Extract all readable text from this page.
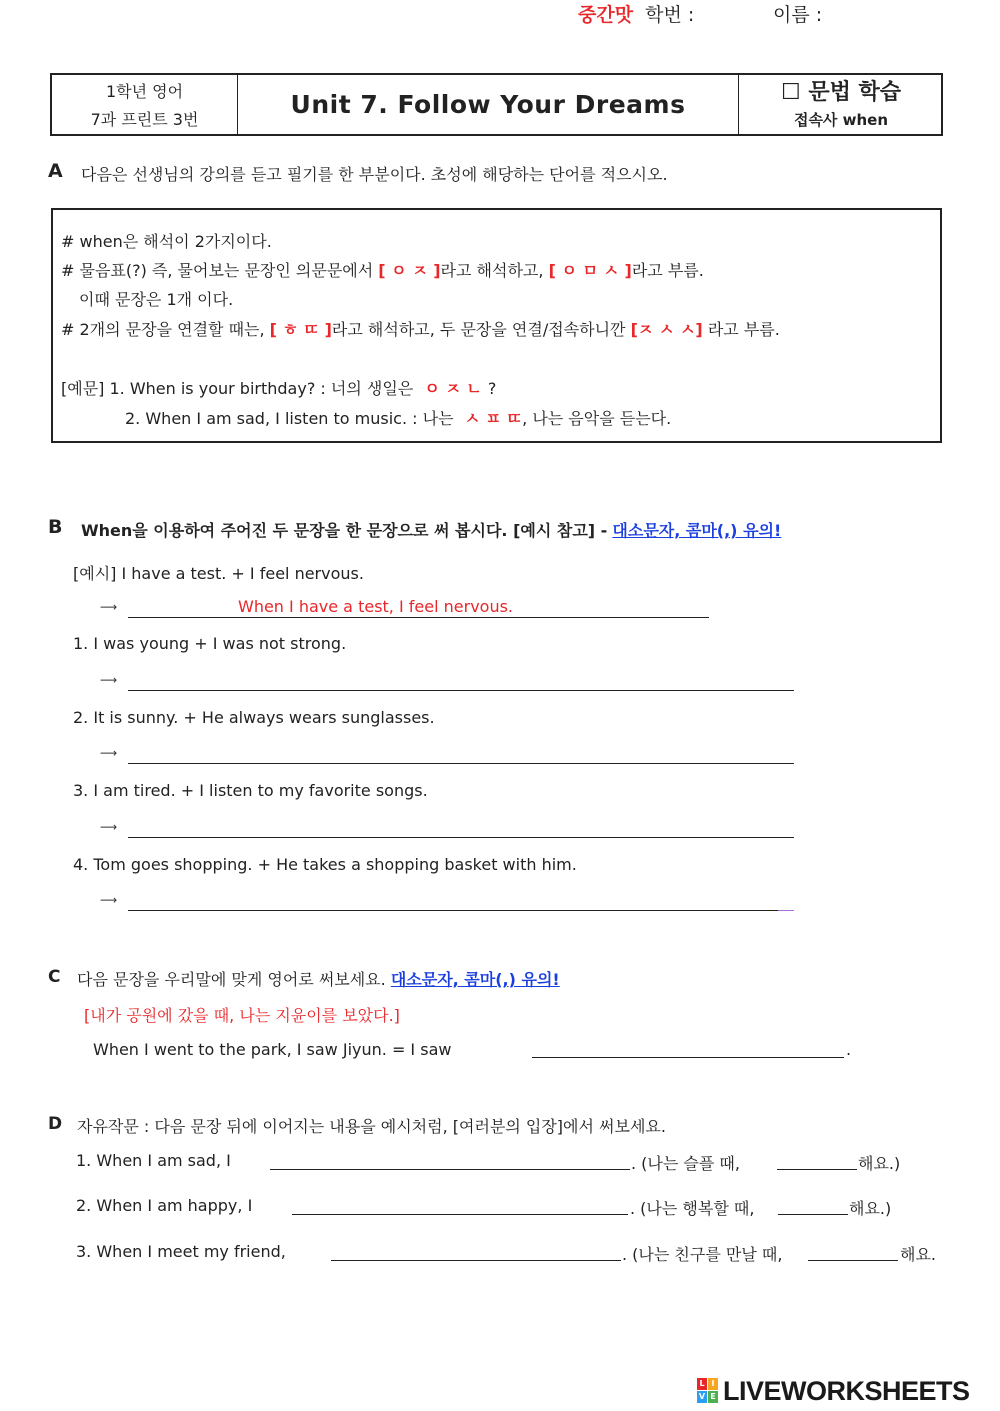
중간맛 학번 :	이름 :
1학년 영어
7과 프린트 3번
Unit 7. Follow Your Dreams	☐ 문법 학습
접속사 when
A 다음은 선생님의 강의를 듣고 필기를 한 부분이다. 초성에 해당하는 단어를 적으시오.
# when은 해석이 2가지이다.
# 물음표(?) 즉, 물어보는 문장인 의문문에서 [ ㅇ ㅈ ]라고 해석하고, [ ㅇ ㅁ ㅅ ]라고 부름.
이때 문장은 1개 이다.
# 2개의 문장을 연결할 때는, [ ㅎ ㄸ ]라고 해석하고, 두 문장을 연결/접속하니깐 [ㅈ ㅅ ㅅ] 라고 부름.
[예문] 1. When is your birthday? : 너의 생일은 ㅇ ㅈ ㄴ ?
2. When I am sad, I listen to music. : 나는 ㅅ ㅍ ㄸ, 나는 음악을 듣는다.
B When을 이용하여 주어진 두 문장을 한 문장으로 써 봅시다. [예시 참고] - 대소문자, 콤마(,) 유의!
[예시] I have a test. + I feel nervous.
⟶	When I have a test, I feel nervous.
1. I was young + I was not strong.
⟶
2. It is sunny. + He always wears sunglasses.
⟶
3. I am tired. + I listen to my favorite songs.
⟶
4. Tom goes shopping. + He takes a shopping basket with him.
⟶
C 다음 문장을 우리말에 맞게 영어로 써보세요. 대소문자, 콤마(,) 유의!
[내가 공원에 갔을 때, 나는 지윤이를 보았다.]
When I went to the park, I saw Jiyun. = I saw	.
D 자유작문 : 다음 문장 뒤에 이어지는 내용을 예시처럼, [여러분의 입장]에서 써보세요.
1. When I am sad, I	. (나는 슬플 때,	해요.)
2. When I am happy, I	. (나는 행복할 때,	해요.)
3. When I meet my friend,	. (나는 친구를 만날 때,	해요.
L I
V E LIVEWORKSHEETS
